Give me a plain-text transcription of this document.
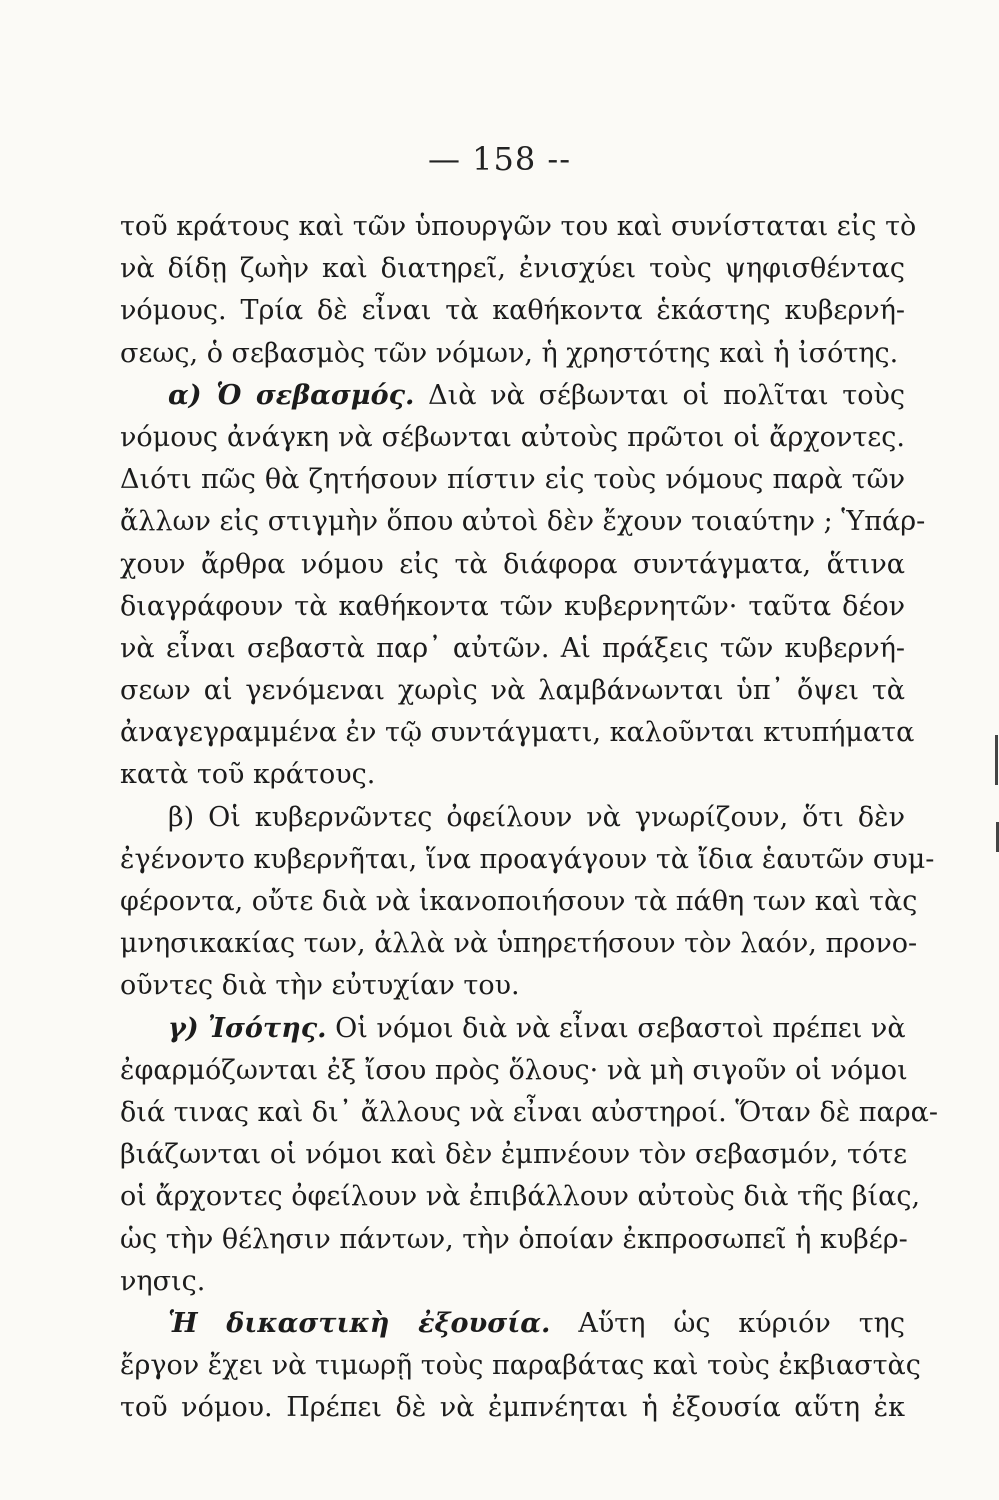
— 158 --
τοῦ κράτους καὶ τῶν ὑπουργῶν του καὶ συνίσταται εἰς τὸ
νὰ δίδῃ ζωὴν καὶ διατηρεῖ, ἐνισχύει τοὺς ψηφισθέντας
νόμους. Τρία δὲ εἶναι τὰ καθήκοντα ἑκάστης κυβερνή-
σεως, ὁ σεβασμὸς τῶν νόμων, ἡ χρηστότης καὶ ἡ ἰσότης.
α) Ὁ σεβασμός. Διὰ νὰ σέβωνται οἱ πολῖται τοὺς
νόμους ἀνάγκη νὰ σέβωνται αὐτοὺς πρῶτοι οἱ ἄρχοντες.
Διότι πῶς θὰ ζητήσουν πίστιν εἰς τοὺς νόμους παρὰ τῶν
ἄλλων εἰς στιγμὴν ὅπου αὐτοὶ δὲν ἔχουν τοιαύτην ; Ὑπάρ-
χουν ἄρθρα νόμου εἰς τὰ διάφορα συντάγματα, ἅτινα
διαγράφουν τὰ καθήκοντα τῶν κυβερνητῶν· ταῦτα δέον
νὰ εἶναι σεβαστὰ παρ᾽ αὐτῶν. Αἱ πράξεις τῶν κυβερνή-
σεων αἱ γενόμεναι χωρὶς νὰ λαμβάνωνται ὑπ᾽ ὄψει τὰ
ἀναγεγραμμένα ἐν τῷ συντάγματι, καλοῦνται κτυπήματα
κατὰ τοῦ κράτους.
β) Οἱ κυβερνῶντες ὀφείλουν νὰ γνωρίζουν, ὅτι δὲν
ἐγένοντο κυβερνῆται, ἵνα προαγάγουν τὰ ἴδια ἑαυτῶν συμ-
φέροντα, οὔτε διὰ νὰ ἱκανοποιήσουν τὰ πάθη των καὶ τὰς
μνησικακίας των, ἀλλὰ νὰ ὑπηρετήσουν τὸν λαόν, προνο-
οῦντες διὰ τὴν εὐτυχίαν του.
γ) Ἰσότης. Οἱ νόμοι διὰ νὰ εἶναι σεβαστοὶ πρέπει νὰ
ἐφαρμόζωνται ἐξ ἴσου πρὸς ὅλους· νὰ μὴ σιγοῦν οἱ νόμοι
διά τινας καὶ δι᾽ ἄλλους νὰ εἶναι αὐστηροί. Ὅταν δὲ παρα-
βιάζωνται οἱ νόμοι καὶ δὲν ἐμπνέουν τὸν σεβασμόν, τότε
οἱ ἄρχοντες ὀφείλουν νὰ ἐπιβάλλουν αὐτοὺς διὰ τῆς βίας,
ὡς τὴν θέλησιν πάντων, τὴν ὁποίαν ἐκπροσωπεῖ ἡ κυβέρ-
νησις.
Ἡ δικαστικὴ ἐξουσία. Αὕτη ὡς κύριόν της
ἔργον ἔχει νὰ τιμωρῇ τοὺς παραβάτας καὶ τοὺς ἐκβιαστὰς
τοῦ νόμου. Πρέπει δὲ νὰ ἐμπνέηται ἡ ἐξουσία αὕτη ἐκ
